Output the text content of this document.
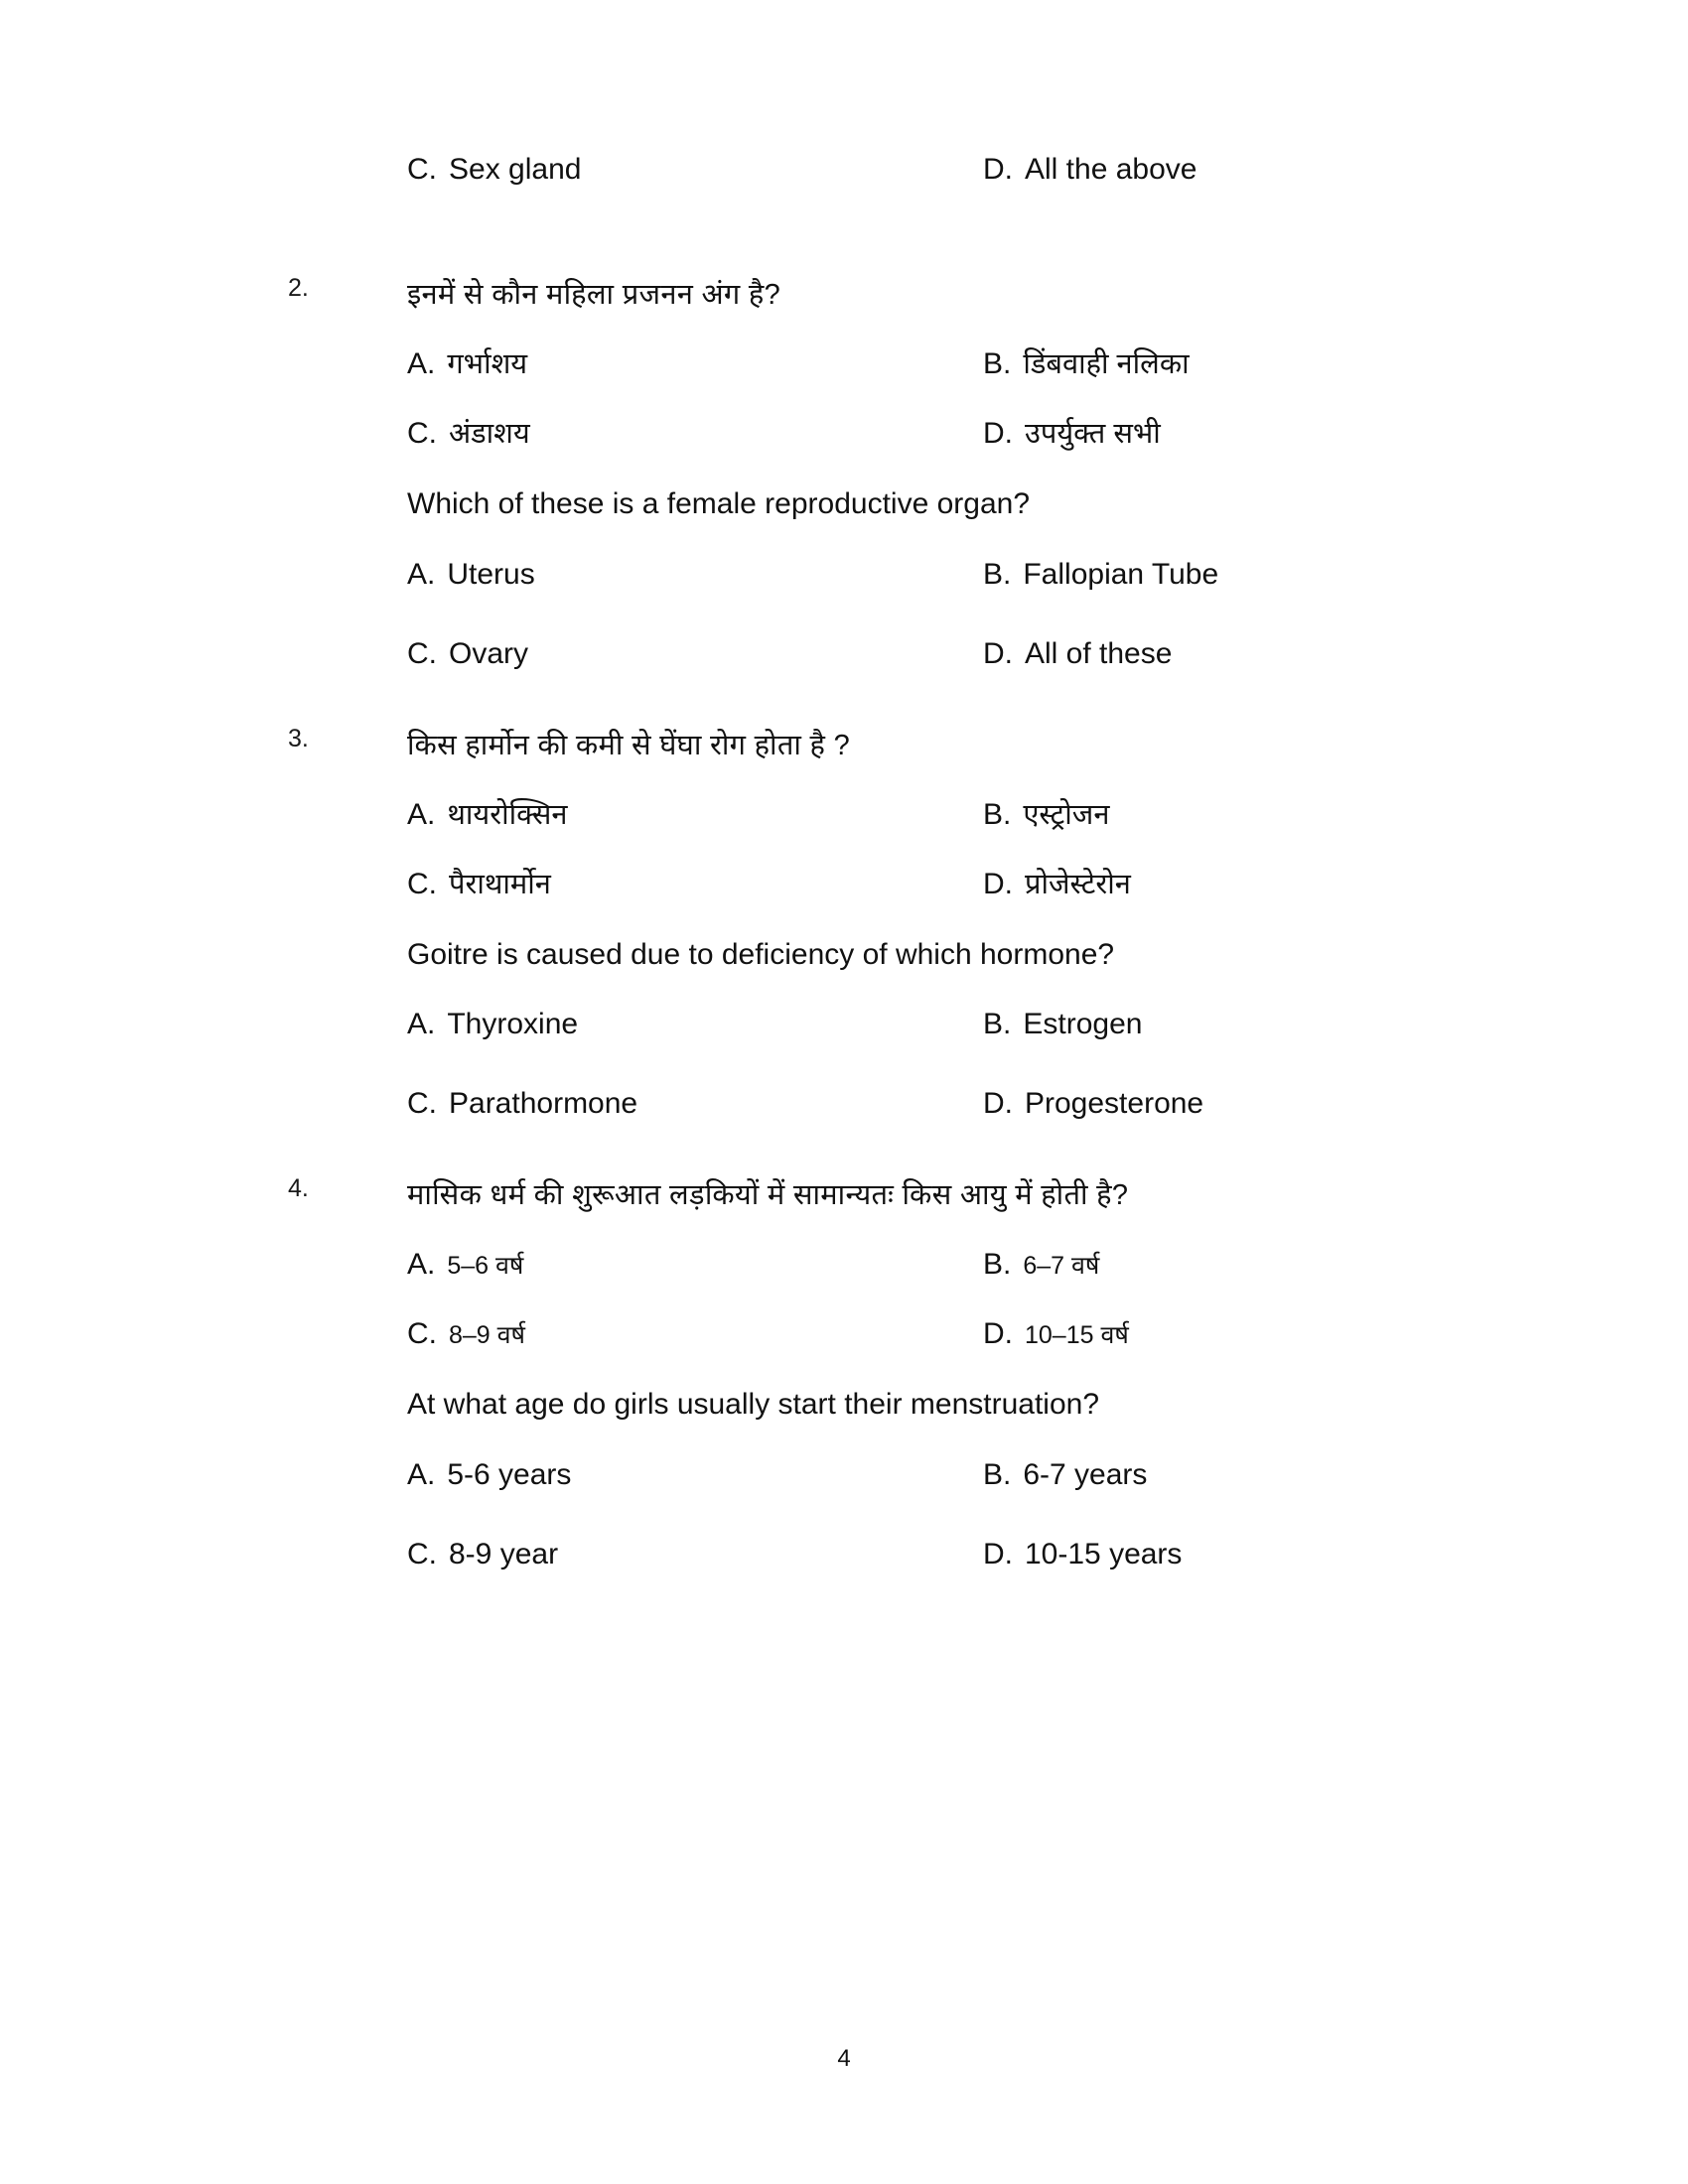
C. Sex gland	D. All the above
2.	इनमें से कौन महिला प्रजनन अंग है?
A. गर्भाशय	B. डिंबवाही नलिका
C. अंडाशय	D. उपर्युक्त सभी
Which of these is a female reproductive organ?
A. Uterus	B. Fallopian Tube
C. Ovary	D. All of these
3.	किस हार्मोन की कमी से घेंघा रोग होता है ?
A. थायरोक्सिन	B. एस्ट्रोजन
C. पैराथार्मोन	D. प्रोजेस्टेरोन
Goitre is caused due to deficiency of which hormone?
A. Thyroxine	B. Estrogen
C. Parathormone	D. Progesterone
4.	मासिक धर्म की शुरूआत लड़कियों में सामान्यतः किस आयु में होती है?
A. 5–6 वर्ष	B. 6–7 वर्ष
C. 8–9 वर्ष	D. 10–15 वर्ष
At what age do girls usually start their menstruation?
A. 5-6 years	B. 6-7 years
C. 8-9 year	D. 10-15 years
4
